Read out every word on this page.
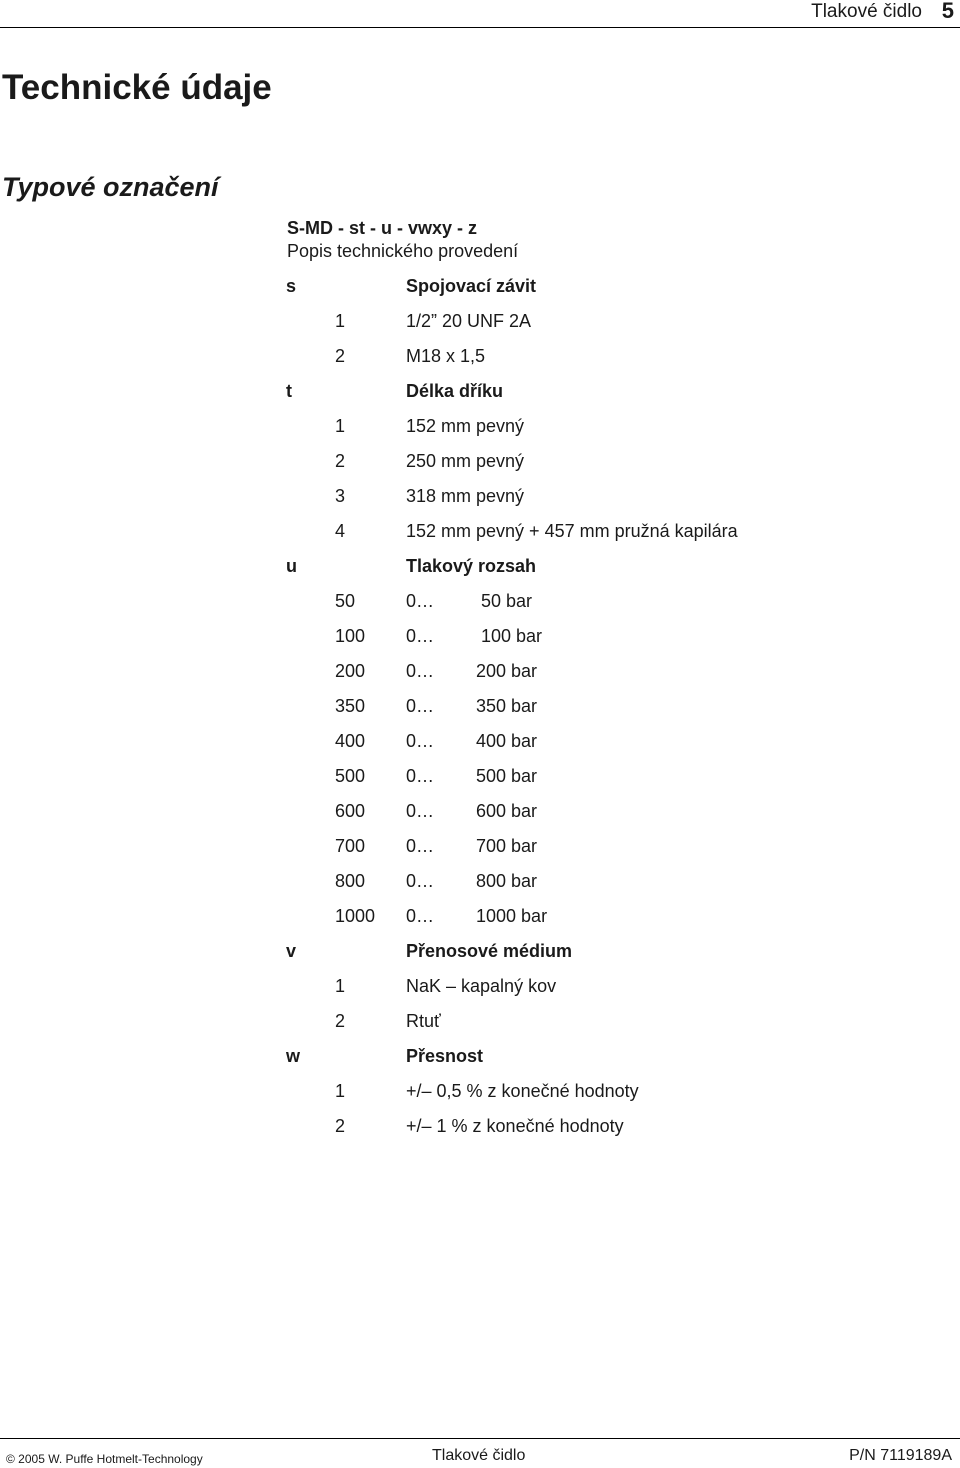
Tlakové čidlo 5
Technické údaje
Typové označení
S-MD - st - u - vwxy - z
Popis technického provedení
s	Spojovací závit
1	1/2” 20 UNF 2A
2	M18 x 1,5
t	Délka dříku
1	152 mm pevný
2	250 mm pevný
3	318 mm pevný
4	152 mm pevný + 457 mm pružná kapilára
u	Tlakový rozsah
50	0… 50 bar
100 0… 100 bar
200 0… 200 bar
350 0… 350 bar
400 0… 400 bar
500 0… 500 bar
600 0… 600 bar
700 0… 700 bar
800 0… 800 bar
1000 0… 1000 bar
v	Přenosové médium
1	NaK – kapalný kov
2	Rtuť
w	Přesnost
1	+/– 0,5 % z konečné hodnoty
2	+/– 1 % z konečné hodnoty
© 2005 W. Puffe Hotmelt-Technology	Tlakové čidlo	P/N 7119189A
